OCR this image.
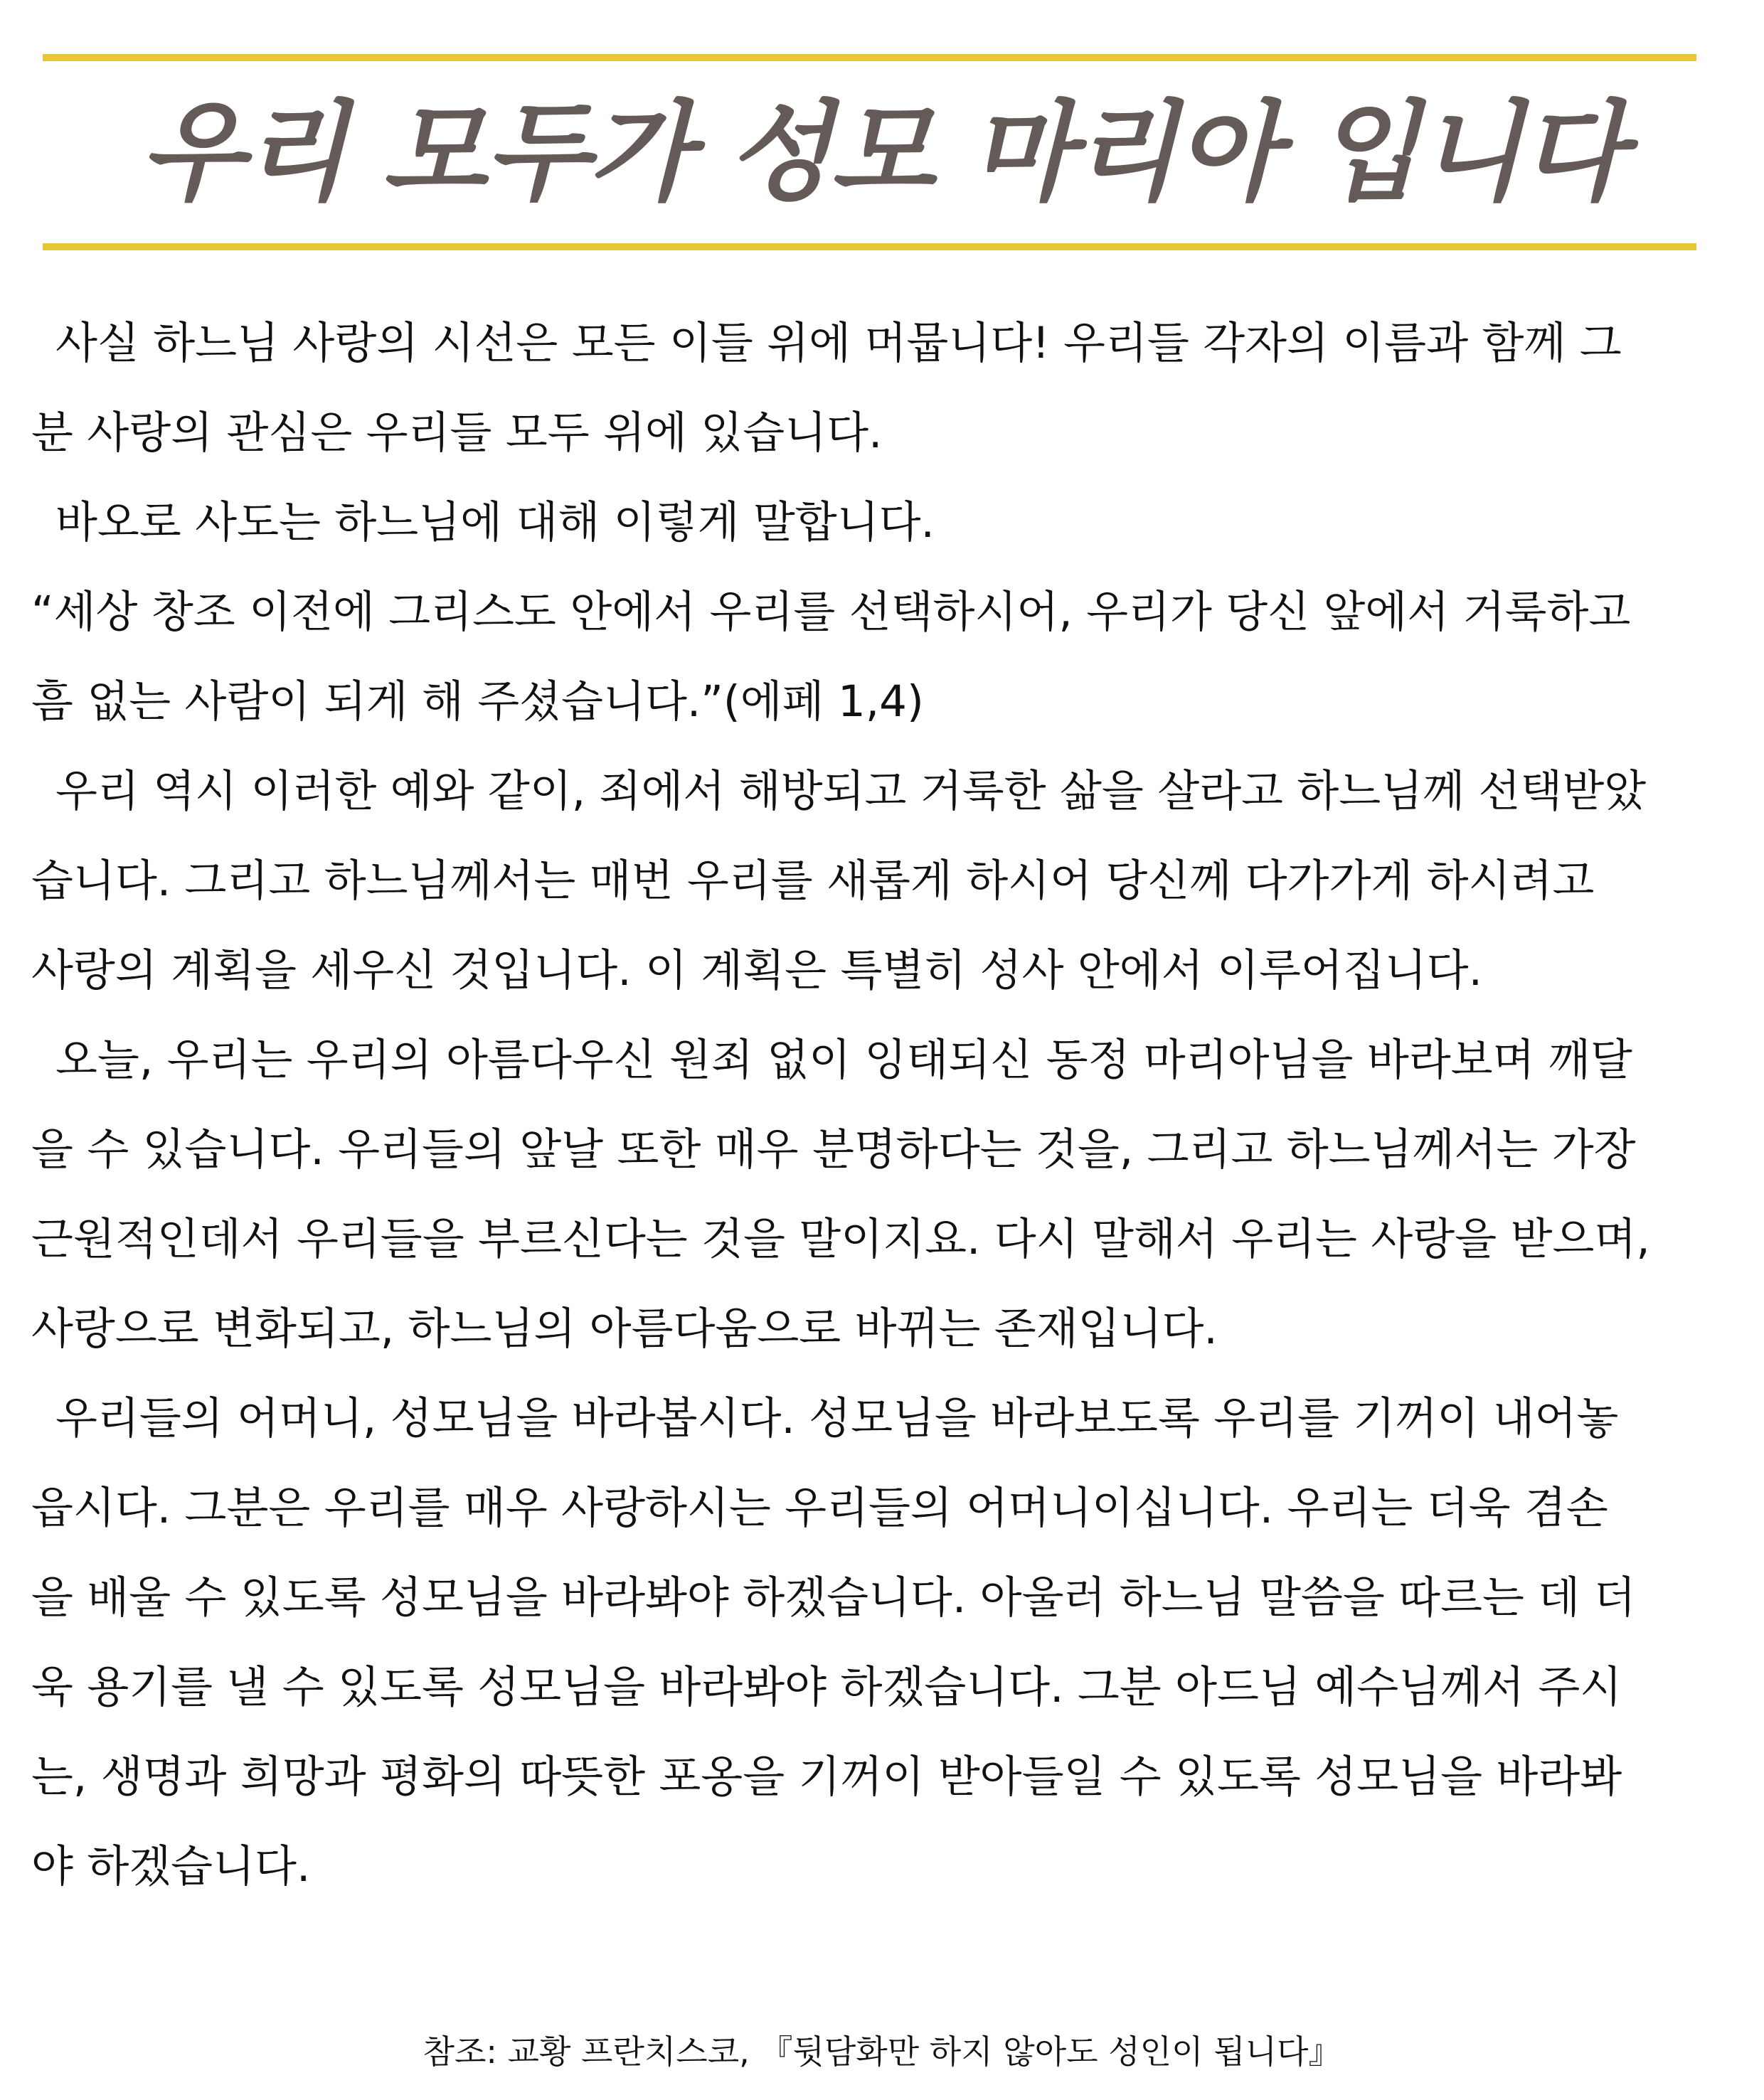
우리 모두가 성모 마리아 입니다
사실 하느님 사랑의 시선은 모든 이들 위에 머뭅니다! 우리들 각자의 이름과 함께 그
분 사랑의 관심은 우리들 모두 위에 있습니다.
바오로 사도는 하느님에 대해 이렇게 말합니다.
“세상 창조 이전에 그리스도 안에서 우리를 선택하시어, 우리가 당신 앞에서 거룩하고
흠 없는 사람이 되게 해 주셨습니다.”(에페 1,4)
우리 역시 이러한 예와 같이, 죄에서 해방되고 거룩한 삶을 살라고 하느님께 선택받았
습니다. 그리고 하느님께서는 매번 우리를 새롭게 하시어 당신께 다가가게 하시려고
사랑의 계획을 세우신 것입니다. 이 계획은 특별히 성사 안에서 이루어집니다.
오늘, 우리는 우리의 아름다우신 원죄 없이 잉태되신 동정 마리아님을 바라보며 깨달
을 수 있습니다. 우리들의 앞날 또한 매우 분명하다는 것을, 그리고 하느님께서는 가장
근원적인데서 우리들을 부르신다는 것을 말이지요. 다시 말해서 우리는 사랑을 받으며,
사랑으로 변화되고, 하느님의 아름다움으로 바뀌는 존재입니다.
우리들의 어머니, 성모님을 바라봅시다. 성모님을 바라보도록 우리를 기꺼이 내어놓
읍시다. 그분은 우리를 매우 사랑하시는 우리들의 어머니이십니다. 우리는 더욱 겸손
을 배울 수 있도록 성모님을 바라봐야 하겠습니다. 아울러 하느님 말씀을 따르는 데 더
욱 용기를 낼 수 있도록 성모님을 바라봐야 하겠습니다. 그분 아드님 예수님께서 주시
는, 생명과 희망과 평화의 따뜻한 포옹을 기꺼이 받아들일 수 있도록 성모님을 바라봐
야 하겠습니다.
참조: 교황 프란치스코, 『뒷담화만 하지 않아도 성인이 됩니다』
